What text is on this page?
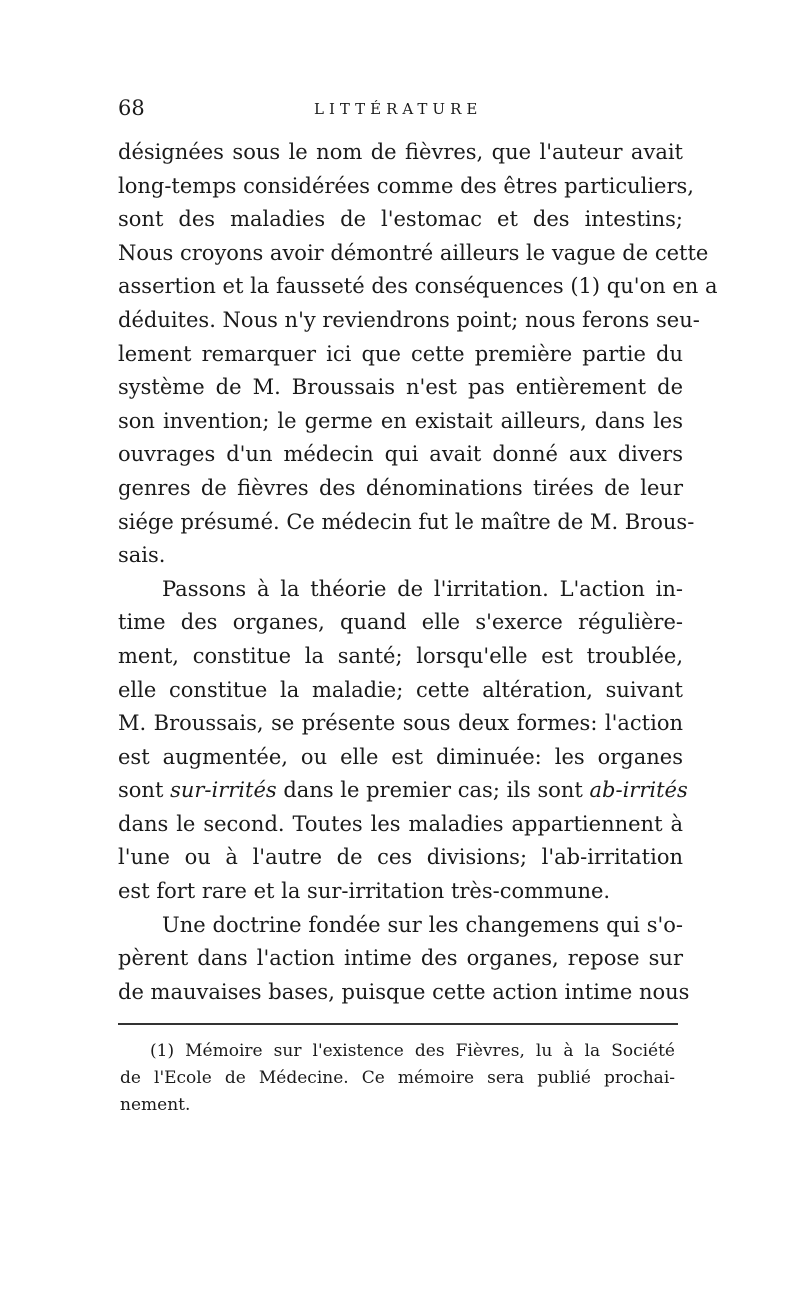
68	LITTÉRATURE
désignées sous le nom de fièvres, que l'auteur avait
long-temps considérées comme des êtres particuliers,
sont des maladies de l'estomac et des intestins;
Nous croyons avoir démontré ailleurs le vague de cette
assertion et la fausseté des conséquences (1) qu'on en a
déduites. Nous n'y reviendrons point; nous ferons seu-
lement remarquer ici que cette première partie du
système de M. Broussais n'est pas entièrement de
son invention; le germe en existait ailleurs, dans les
ouvrages d'un médecin qui avait donné aux divers
genres de fièvres des dénominations tirées de leur
siége présumé. Ce médecin fut le maître de M. Brous-
sais.
Passons à la théorie de l'irritation. L'action in-
time des organes, quand elle s'exerce régulière-
ment, constitue la santé; lorsqu'elle est troublée,
elle constitue la maladie; cette altération, suivant
M. Broussais, se présente sous deux formes: l'action
est augmentée, ou elle est diminuée: les organes
sont sur-irrités dans le premier cas; ils sont ab-irrités
dans le second. Toutes les maladies appartiennent à
l'une ou à l'autre de ces divisions; l'ab-irritation
est fort rare et la sur-irritation très-commune.
Une doctrine fondée sur les changemens qui s'o-
pèrent dans l'action intime des organes, repose sur
de mauvaises bases, puisque cette action intime nous
(1) Mémoire sur l'existence des Fièvres, lu à la Société
de l'Ecole de Médecine. Ce mémoire sera publié prochai-
nement.
